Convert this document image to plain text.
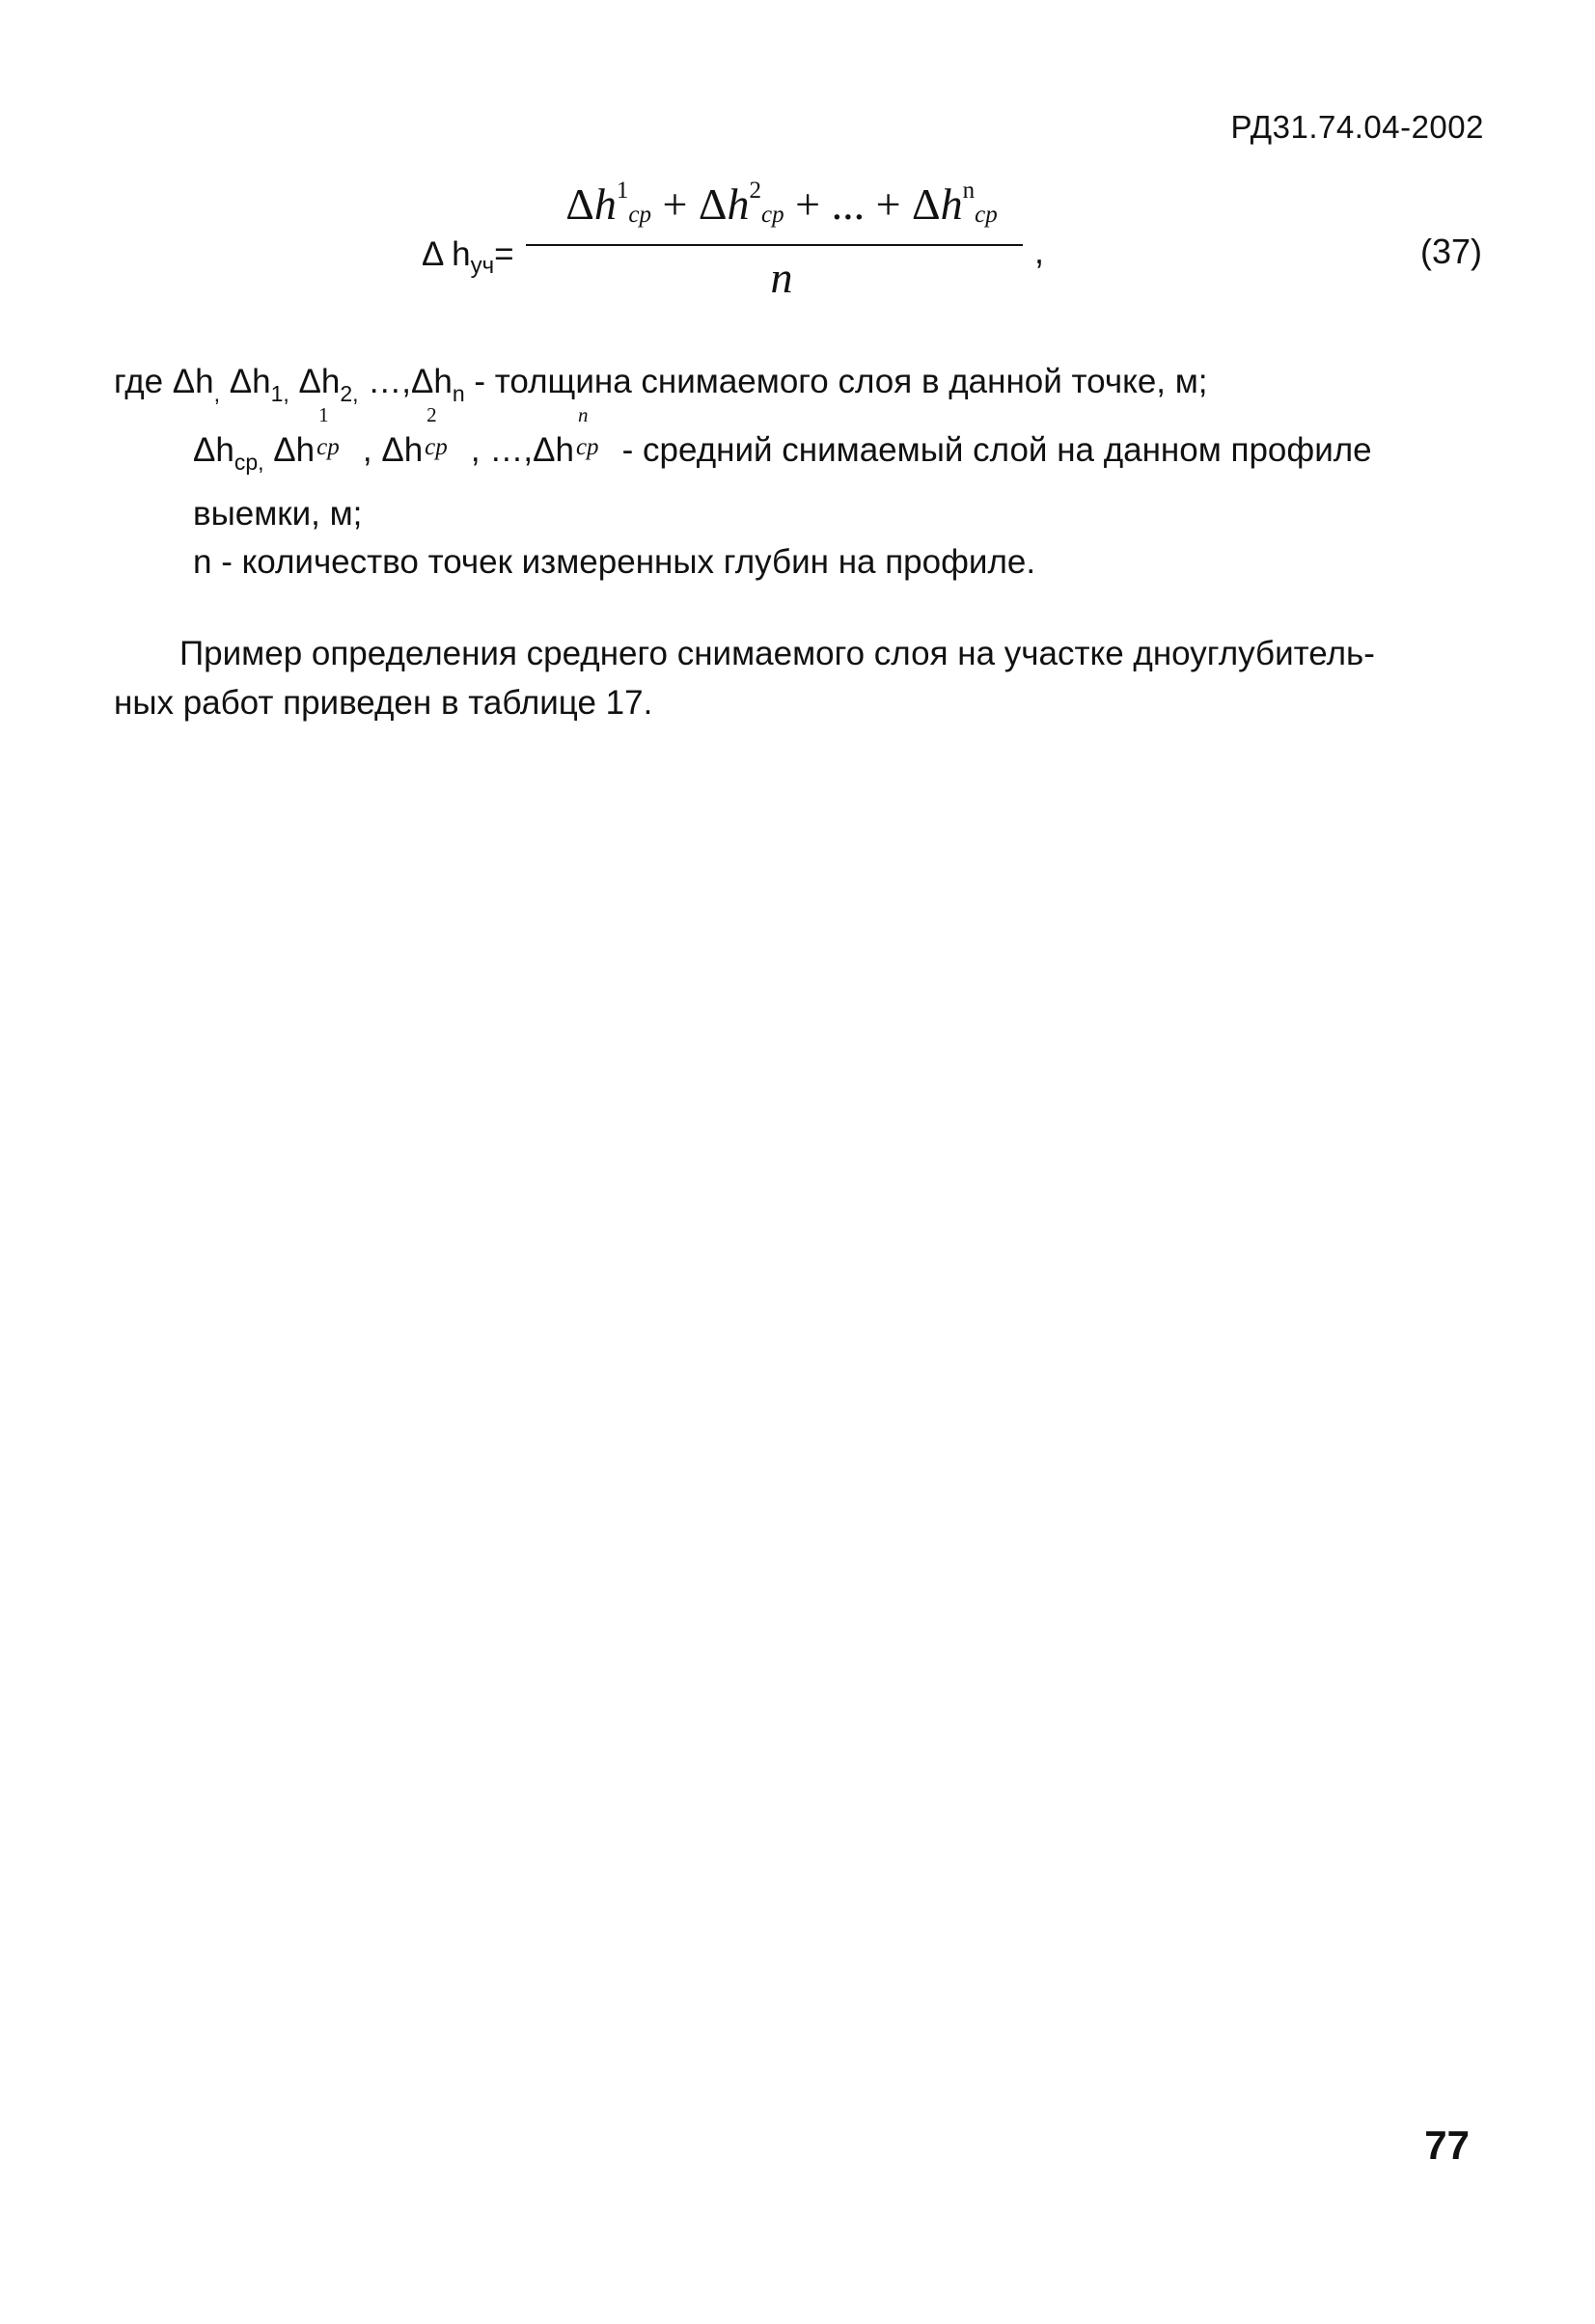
РД31.74.04-2002
Δ $h_{уч}=$
$\Delta h^1_{ср} + \Delta h^2_{ср}$ + ... + $\Delta h^n_{ср}$
,
n
(37)
где $\Delta h_,$ $\Delta h_{1,}$ $\Delta h_{2,}$ $\dots,\Delta h_n$ - толщина снимаемого слоя в данной точке, м;
$\Delta h_{ср,}$ Δh
1
ср , Δh
2
ср , …,Δh
n
ср - средний снимаемый слой на данном профиле
выемки, м;
n - количество точек измеренных глубин на профиле.
Пример определения среднего снимаемого слоя на участке дноуглубитель-
ных работ приведен в таблице 17.
77
